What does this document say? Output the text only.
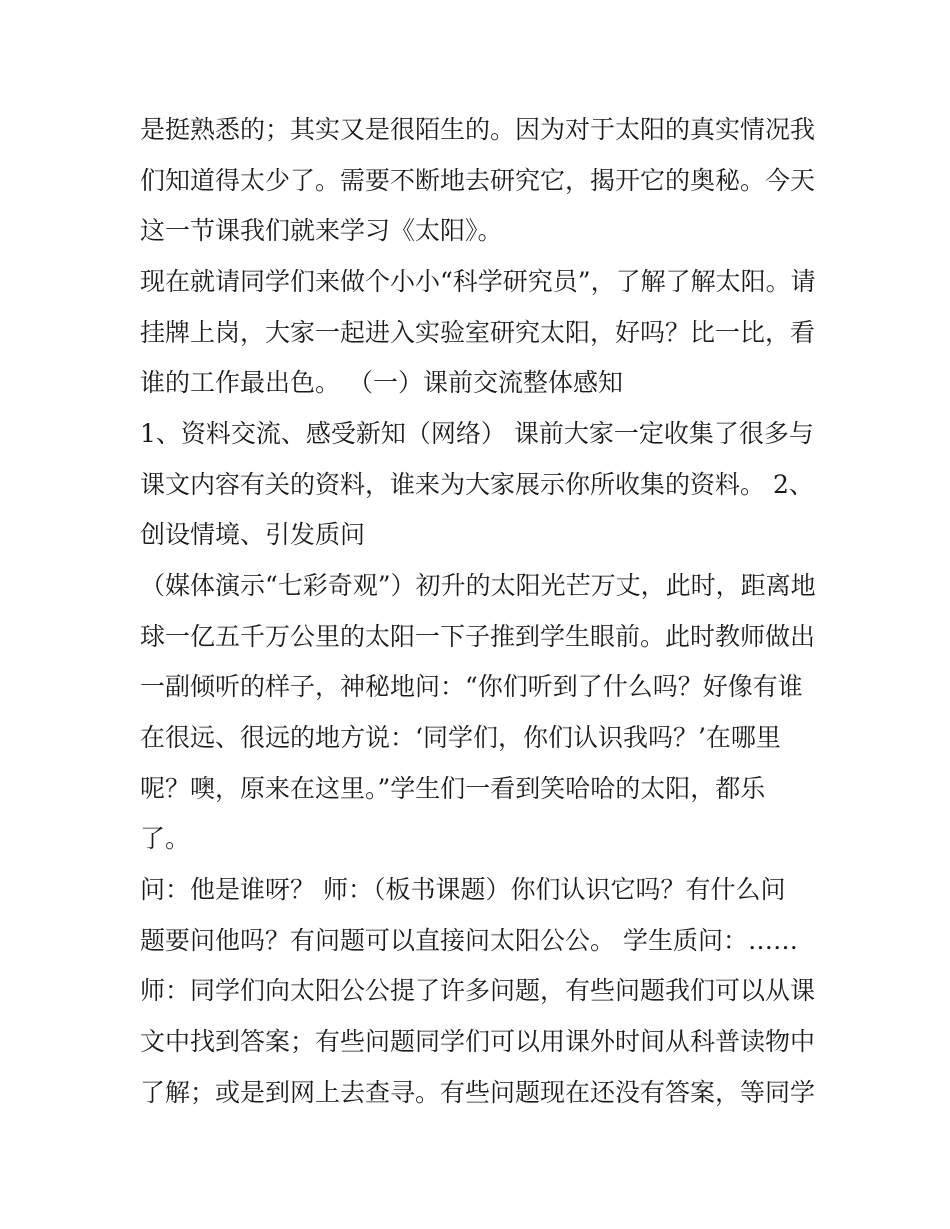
是挺熟悉的；其实又是很陌生的。因为对于太阳的真实情况我
们知道得太少了。需要不断地去研究它，揭开它的奥秘。今天
这一节课我们就来学习《太阳》。
现在就请同学们来做个小小“科学研究员”，了解了解太阳。请
挂牌上岗，大家一起进入实验室研究太阳，好吗？比一比，看
谁的工作最出色。 （一）课前交流整体感知
1、资料交流、感受新知（网络） 课前大家一定收集了很多与
课文内容有关的资料，谁来为大家展示你所收集的资料。 2、
创设情境、引发质问
（媒体演示“七彩奇观”）初升的太阳光芒万丈，此时，距离地
球一亿五千万公里的太阳一下子推到学生眼前。此时教师做出
一副倾听的样子，神秘地问：“你们听到了什么吗？好像有谁
在很远、很远的地方说：‘同学们，你们认识我吗？’在哪里
呢？噢，原来在这里。”学生们一看到笑哈哈的太阳，都乐
了。
问：他是谁呀？ 师：（板书课题）你们认识它吗？有什么问
题要问他吗？有问题可以直接问太阳公公。 学生质问：……
师：同学们向太阳公公提了许多问题，有些问题我们可以从课
文中找到答案；有些问题同学们可以用课外时间从科普读物中
了解；或是到网上去查寻。有些问题现在还没有答案，等同学
